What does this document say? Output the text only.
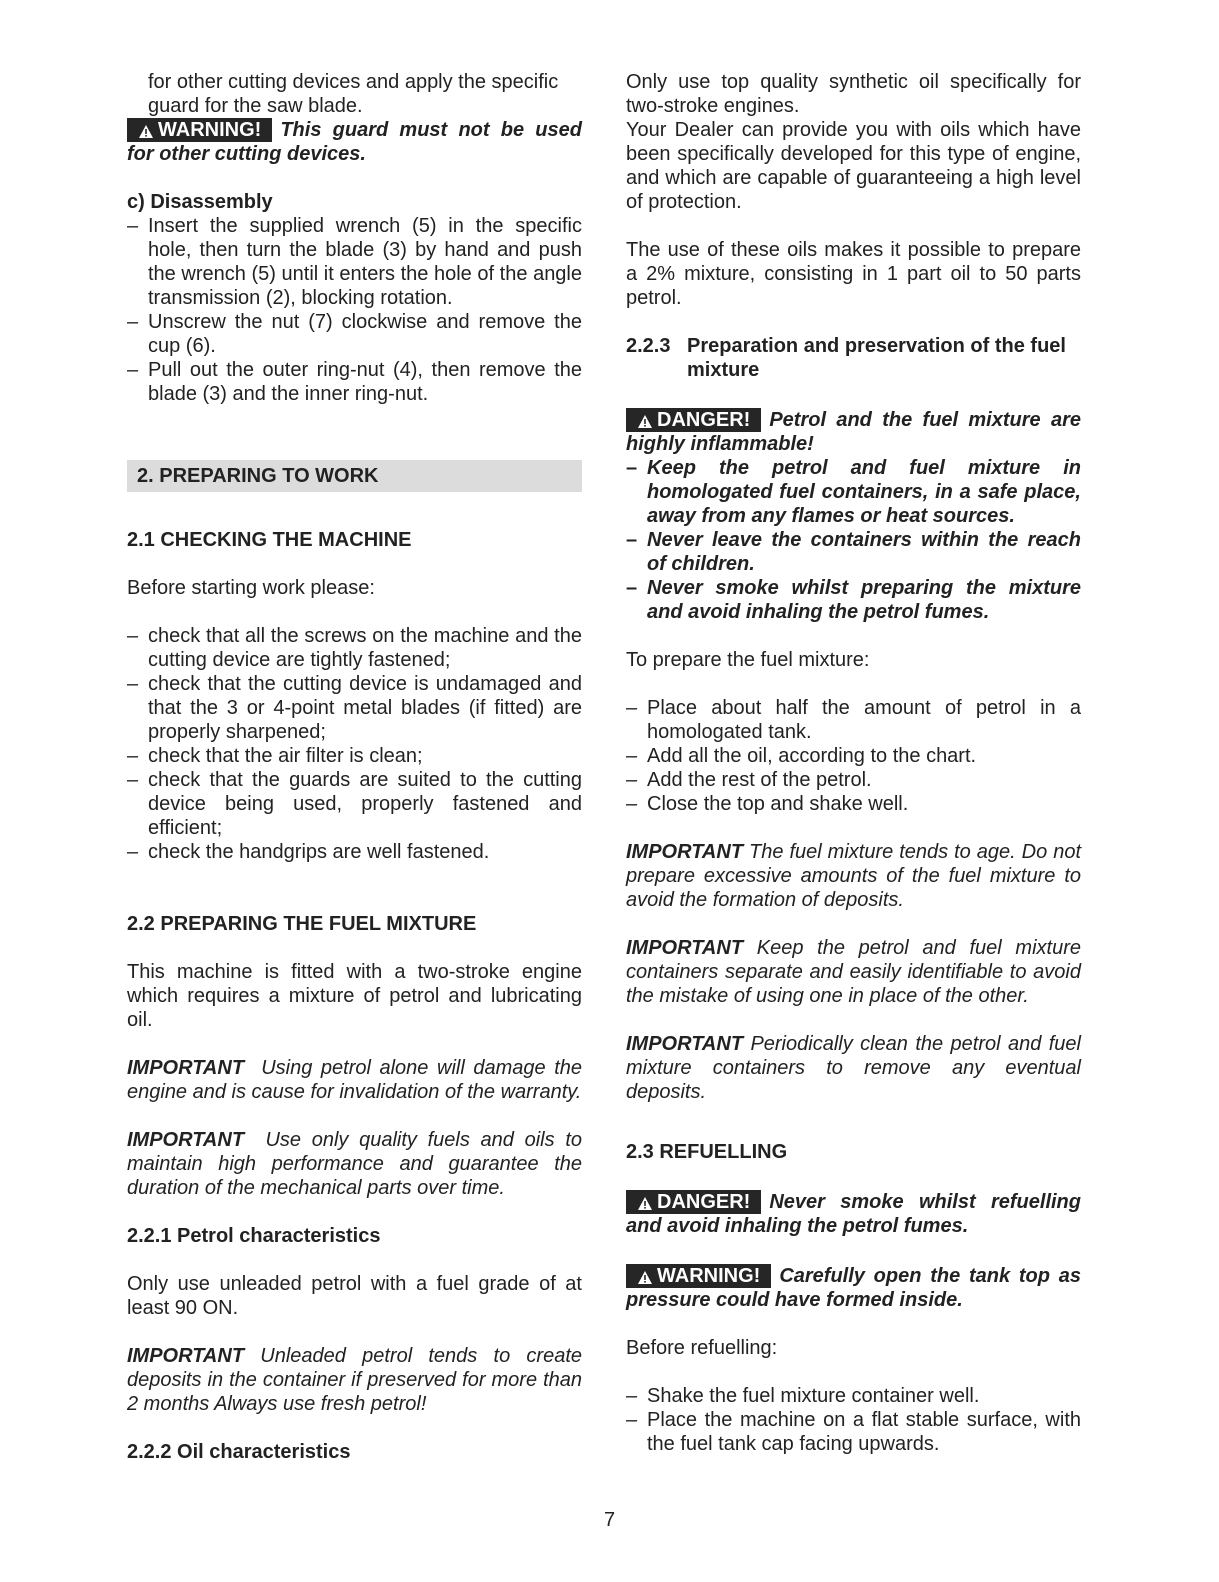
for other cutting devices and apply the specific

guard for the saw blade.

WARNING! This guard must not be used for other cutting devices.

c) Disassembly

– Insert the supplied wrench (5) in the specific hole, then turn the blade (3) by hand and push the wrench (5) until it enters the hole of the angle transmission (2), blocking rotation.

– Unscrew the nut (7) clockwise and remove the cup (6).

– Pull out the outer ring-nut (4), then remove the blade (3) and the inner ring-nut.

2. PREPARING TO WORK

2.1 CHECKING THE MACHINE

Before starting work please:

– check that all the screws on the machine and the cutting device are tightly fastened;

– check that the cutting device is undamaged and that the 3 or 4-point metal blades (if fitted) are properly sharpened;

– check that the air filter is clean;

– check that the guards are suited to the cutting device being used, properly fastened and efficient;

– check the handgrips are well fastened.

2.2 PREPARING THE FUEL MIXTURE

This machine is fitted with a two-stroke engine which requires a mixture of petrol and lubricating oil.

IMPORTANT Using petrol alone will damage the engine and is cause for invalidation of the warranty.

IMPORTANT Use only quality fuels and oils to maintain high performance and guarantee the duration of the mechanical parts over time.

2.2.1 Petrol characteristics

Only use unleaded petrol with a fuel grade of at least 90 ON.

IMPORTANT Unleaded petrol tends to create deposits in the container if preserved for more than 2 months Always use fresh petrol!

2.2.2 Oil characteristics

Only use top quality synthetic oil specifically for two-stroke engines.

Your Dealer can provide you with oils which have been specifically developed for this type of engine, and which are capable of guaranteeing a high level of protection.

The use of these oils makes it possible to prepare a 2% mixture, consisting in 1 part oil to 50 parts petrol.

2.2.3 Preparation and preservation of the fuel mixture

DANGER! Petrol and the fuel mixture are highly inflammable!

– Keep the petrol and fuel mixture in homologated fuel containers, in a safe place, away from any flames or heat sources.

– Never leave the containers within the reach of children.

– Never smoke whilst preparing the mixture and avoid inhaling the petrol fumes.

To prepare the fuel mixture:

– Place about half the amount of petrol in a homologated tank.

– Add all the oil, according to the chart.

– Add the rest of the petrol.

– Close the top and shake well.

IMPORTANT The fuel mixture tends to age. Do not prepare excessive amounts of the fuel mixture to avoid the formation of deposits.

IMPORTANT Keep the petrol and fuel mixture containers separate and easily identifiable to avoid the mistake of using one in place of the other.

IMPORTANT Periodically clean the petrol and fuel mixture containers to remove any eventual deposits.

2.3 REFUELLING

DANGER! Never smoke whilst refuelling and avoid inhaling the petrol fumes.

WARNING! Carefully open the tank top as pressure could have formed inside.

Before refuelling:

– Shake the fuel mixture container well.

– Place the machine on a flat stable surface, with the fuel tank cap facing upwards.

7
